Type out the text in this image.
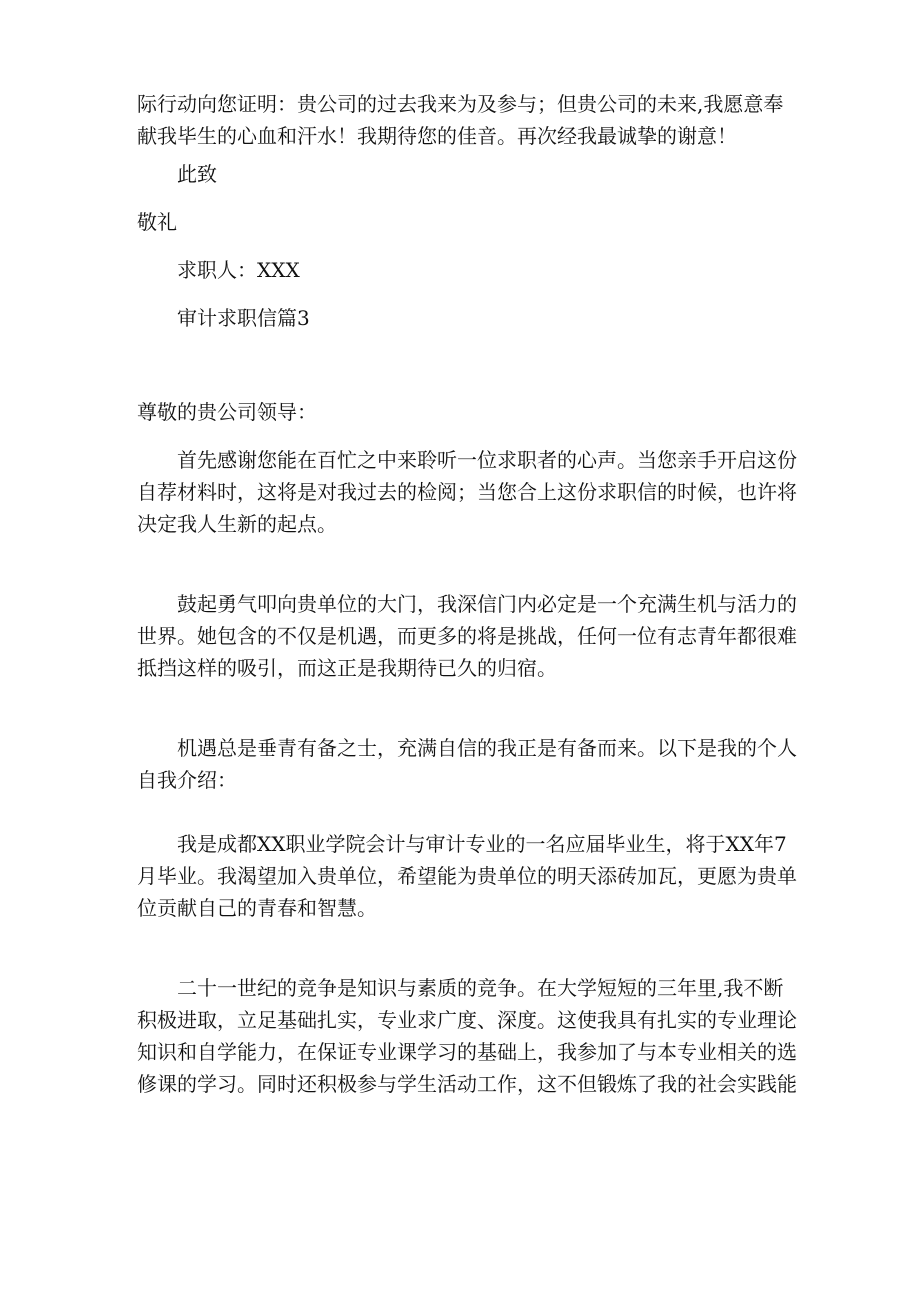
际行动向您证明：贵公司的过去我来为及参与；但贵公司的未来,我愿意奉献我毕生的心血和汗水！我期待您的佳音。再次经我最诚挚的谢意！
此致
敬礼
求职人：XXX
审计求职信篇3
尊敬的贵公司领导：
首先感谢您能在百忙之中来聆听一位求职者的心声。当您亲手开启这份自荐材料时，这将是对我过去的检阅；当您合上这份求职信的时候，也许将决定我人生新的起点。
鼓起勇气叩向贵单位的大门，我深信门内必定是一个充满生机与活力的世界。她包含的不仅是机遇，而更多的将是挑战，任何一位有志青年都很难抵挡这样的吸引，而这正是我期待已久的归宿。
机遇总是垂青有备之士，充满自信的我正是有备而来。以下是我的个人自我介绍：
我是成都XX职业学院会计与审计专业的一名应届毕业生，将于XX年7月毕业。我渴望加入贵单位，希望能为贵单位的明天添砖加瓦，更愿为贵单位贡献自己的青春和智慧。
二十一世纪的竞争是知识与素质的竞争。在大学短短的三年里,我不断积极进取，立足基础扎实，专业求广度、深度。这使我具有扎实的专业理论知识和自学能力，在保证专业课学习的基础上，我参加了与本专业相关的选修课的学习。同时还积极参与学生活动工作，这不但锻炼了我的社会实践能
